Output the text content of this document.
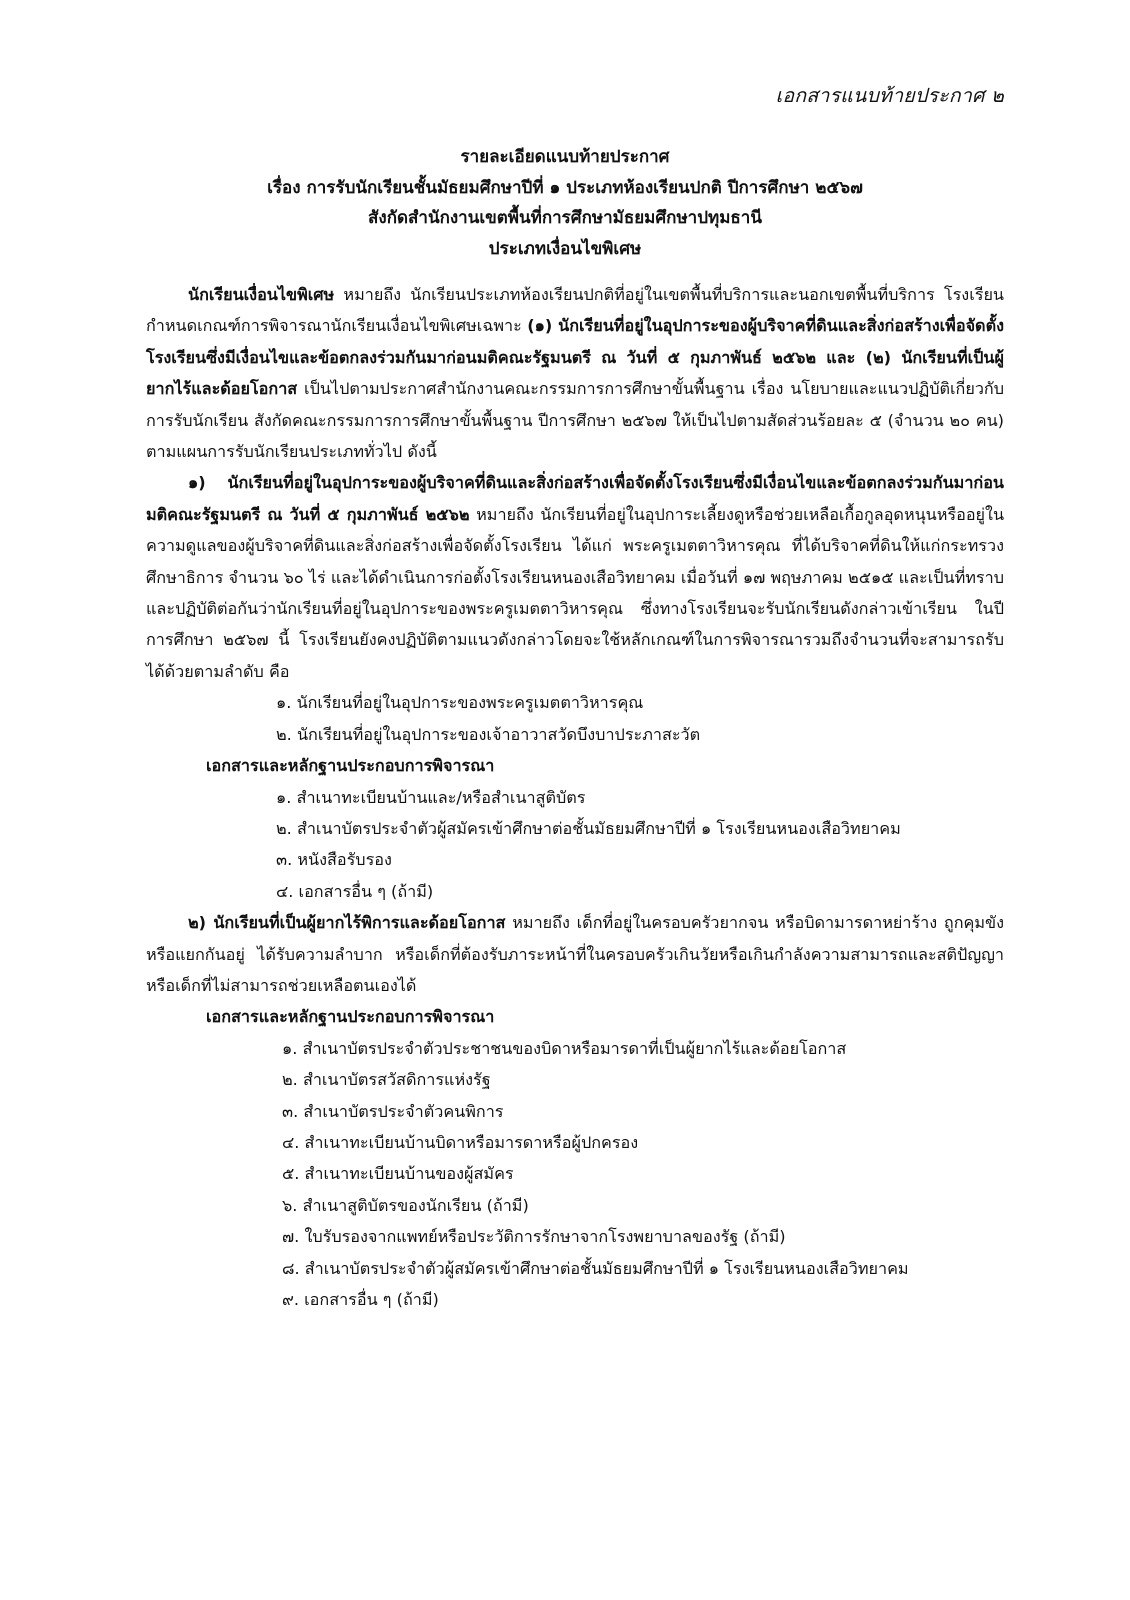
เอกสารแนบท้ายประกาศ ๒
รายละเอียดแนบท้ายประกาศ
เรื่อง การรับนักเรียนชั้นมัธยมศึกษาปีที่ ๑ ประเภทห้องเรียนปกติ ปีการศึกษา ๒๕๖๗
สังกัดสำนักงานเขตพื้นที่การศึกษามัธยมศึกษาปทุมธานี
ประเภทเงื่อนไขพิเศษ

นักเรียนเงื่อนไขพิเศษ หมายถึง นักเรียนประเภทห้องเรียนปกติที่อยู่ในเขตพื้นที่บริการและนอกเขตพื้นที่บริการ โรงเรียนกำหนดเกณฑ์การพิจารณานักเรียนเงื่อนไขพิเศษเฉพาะ (๑) นักเรียนที่อยู่ในอุปการะของผู้บริจาคที่ดินและสิ่งก่อสร้างเพื่อจัดตั้งโรงเรียนซึ่งมีเงื่อนไขและข้อตกลงร่วมกันมาก่อนมติคณะรัฐมนตรี ณ วันที่ ๕ กุมภาพันธ์ ๒๕๖๒ และ (๒) นักเรียนที่เป็นผู้ยากไร้และด้อยโอกาส เป็นไปตามประกาศสำนักงานคณะกรรมการการศึกษาขั้นพื้นฐาน เรื่อง นโยบายและแนวปฏิบัติเกี่ยวกับการรับนักเรียน สังกัดคณะกรรมการการศึกษาขั้นพื้นฐาน ปีการศึกษา ๒๕๖๗ ให้เป็นไปตามสัดส่วนร้อยละ ๕ (จำนวน ๒๐ คน) ตามแผนการรับนักเรียนประเภททั่วไป ดังนี้

๑) นักเรียนที่อยู่ในอุปการะของผู้บริจาคที่ดินและสิ่งก่อสร้างเพื่อจัดตั้งโรงเรียนซึ่งมีเงื่อนไขและข้อตกลงร่วมกันมาก่อนมติคณะรัฐมนตรี ณ วันที่ ๕ กุมภาพันธ์ ๒๕๖๒ หมายถึง นักเรียนที่อยู่ในอุปการะเลี้ยงดูหรือช่วยเหลือเกื้อกูลอุดหนุนหรืออยู่ในความดูแลของผู้บริจาคที่ดินและสิ่งก่อสร้างเพื่อจัดตั้งโรงเรียน ได้แก่ พระครูเมตตาวิหารคุณ ที่ได้บริจาคที่ดินให้แก่กระทรวงศึกษาธิการ จำนวน ๖๐ ไร่ และได้ดำเนินการก่อตั้งโรงเรียนหนองเสือวิทยาคม เมื่อวันที่ ๑๗ พฤษภาคม ๒๕๑๕ และเป็นที่ทราบและปฏิบัติต่อกันว่านักเรียนที่อยู่ในอุปการะของพระครูเมตตาวิหารคุณ ซึ่งทางโรงเรียนจะรับนักเรียนดังกล่าวเข้าเรียน ในปีการศึกษา ๒๕๖๗ นี้ โรงเรียนยังคงปฏิบัติตามแนวดังกล่าวโดยจะใช้หลักเกณฑ์ในการพิจารณารวมถึงจำนวนที่จะสามารถรับได้ด้วยตามลำดับ คือ

๑. นักเรียนที่อยู่ในอุปการะของพระครูเมตตาวิหารคุณ
๒. นักเรียนที่อยู่ในอุปการะของเจ้าอาวาสวัดบึงบาประภาสะวัต
เอกสารและหลักฐานประกอบการพิจารณา
๑. สำเนาทะเบียนบ้านและ/หรือสำเนาสูติบัตร
๒. สำเนาบัตรประจำตัวผู้สมัครเข้าศึกษาต่อชั้นมัธยมศึกษาปีที่ ๑ โรงเรียนหนองเสือวิทยาคม
๓. หนังสือรับรอง
๔. เอกสารอื่น ๆ (ถ้ามี)

๒) นักเรียนที่เป็นผู้ยากไร้พิการและด้อยโอกาส หมายถึง เด็กที่อยู่ในครอบครัวยากจน หรือบิดามารดาหย่าร้าง ถูกคุมขังหรือแยกกันอยู่ ได้รับความลำบาก หรือเด็กที่ต้องรับภาระหน้าที่ในครอบครัวเกินวัยหรือเกินกำลังความสามารถและสติปัญญาหรือเด็กที่ไม่สามารถช่วยเหลือตนเองได้

เอกสารและหลักฐานประกอบการพิจารณา
๑. สำเนาบัตรประจำตัวประชาชนของบิดาหรือมารดาที่เป็นผู้ยากไร้และด้อยโอกาส
๒. สำเนาบัตรสวัสดิการแห่งรัฐ
๓. สำเนาบัตรประจำตัวคนพิการ
๔. สำเนาทะเบียนบ้านบิดาหรือมารดาหรือผู้ปกครอง
๕. สำเนาทะเบียนบ้านของผู้สมัคร
๖. สำเนาสูติบัตรของนักเรียน (ถ้ามี)
๗. ใบรับรองจากแพทย์หรือประวัติการรักษาจากโรงพยาบาลของรัฐ (ถ้ามี)
๘. สำเนาบัตรประจำตัวผู้สมัครเข้าศึกษาต่อชั้นมัธยมศึกษาปีที่ ๑ โรงเรียนหนองเสือวิทยาคม
๙. เอกสารอื่น ๆ (ถ้ามี)
